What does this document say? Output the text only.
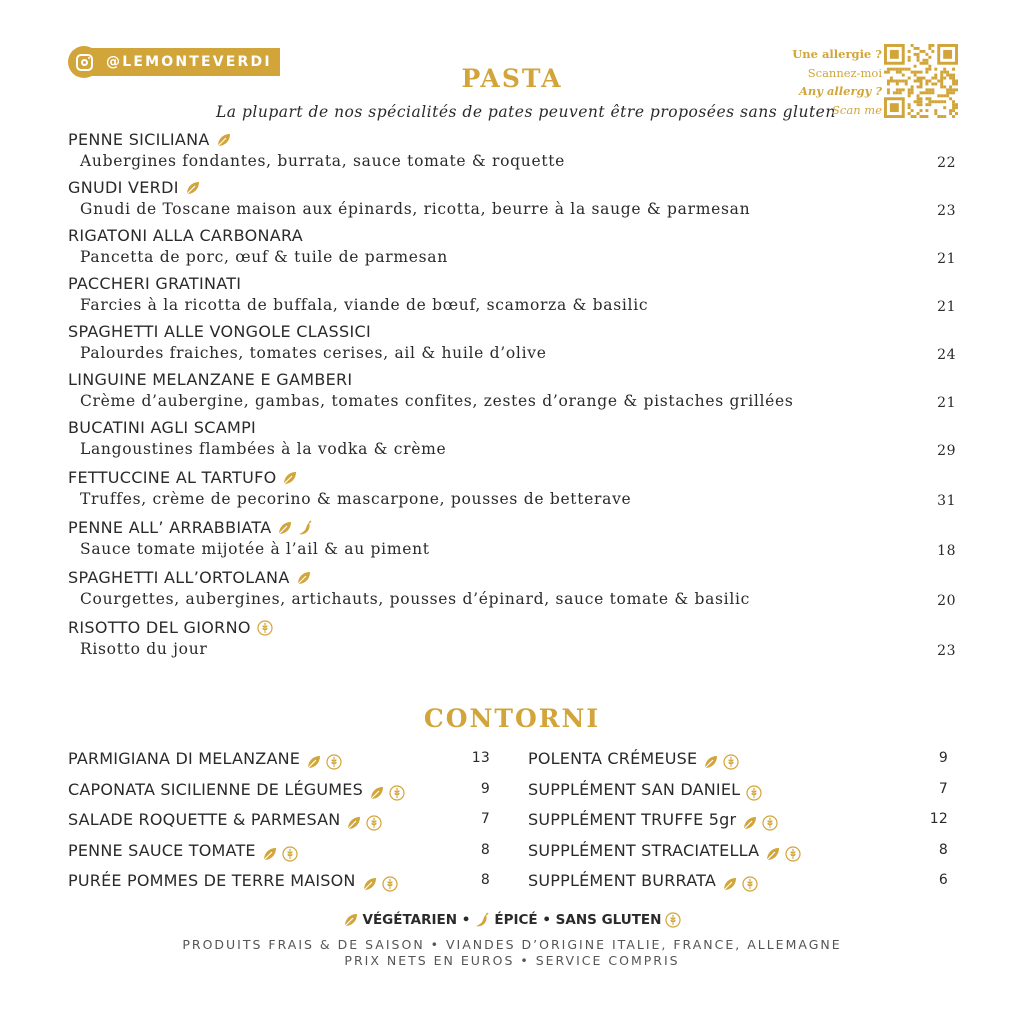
@LEMONTEVERDI
PASTA
La plupart de nos spécialités de pates peuvent être proposées sans gluten
Une allergie ?
Scannez-moi
Any allergy ?
Scan me
PENNE SICILIANA
Aubergines fondantes, burrata, sauce tomate & roquette	22
GNUDI VERDI
Gnudi de Toscane maison aux épinards, ricotta, beurre à la sauge & parmesan	23
RIGATONI ALLA CARBONARA
Pancetta de porc, œuf & tuile de parmesan	21
PACCHERI GRATINATI
Farcies à la ricotta de buffala, viande de bœuf, scamorza & basilic	21
SPAGHETTI ALLE VONGOLE CLASSICI
Palourdes fraiches, tomates cerises, ail & huile d’olive	24
LINGUINE MELANZANE E GAMBERI
Crème d’aubergine, gambas, tomates confites, zestes d’orange & pistaches grillées	21
BUCATINI AGLI SCAMPI
Langoustines flambées à la vodka & crème	29
FETTUCCINE AL TARTUFO
Truffes, crème de pecorino & mascarpone, pousses de betterave	31
PENNE ALL’ ARRABBIATA
Sauce tomate mijotée à l’ail & au piment	18
SPAGHETTI ALL’ORTOLANA
Courgettes, aubergines, artichauts, pousses d’épinard, sauce tomate & basilic	20
RISOTTO DEL GIORNO
Risotto du jour	23
CONTORNI
PARMIGIANA DI MELANZANE	13
CAPONATA SICILIENNE DE LÉGUMES	9
SALADE ROQUETTE & PARMESAN	7
PENNE SAUCE TOMATE	8
PURÉE POMMES DE TERRE MAISON	8
POLENTA CRÉMEUSE	9
SUPPLÉMENT SAN DANIEL	7
SUPPLÉMENT TRUFFE 5gr	12
SUPPLÉMENT STRACIATELLA	8
SUPPLÉMENT BURRATA	6
VÉGÉTARIEN • ÉPICÉ • SANS GLUTEN
PRODUITS FRAIS & DE SAISON • VIANDES D’ORIGINE ITALIE, FRANCE, ALLEMAGNE
PRIX NETS EN EUROS • SERVICE COMPRIS
